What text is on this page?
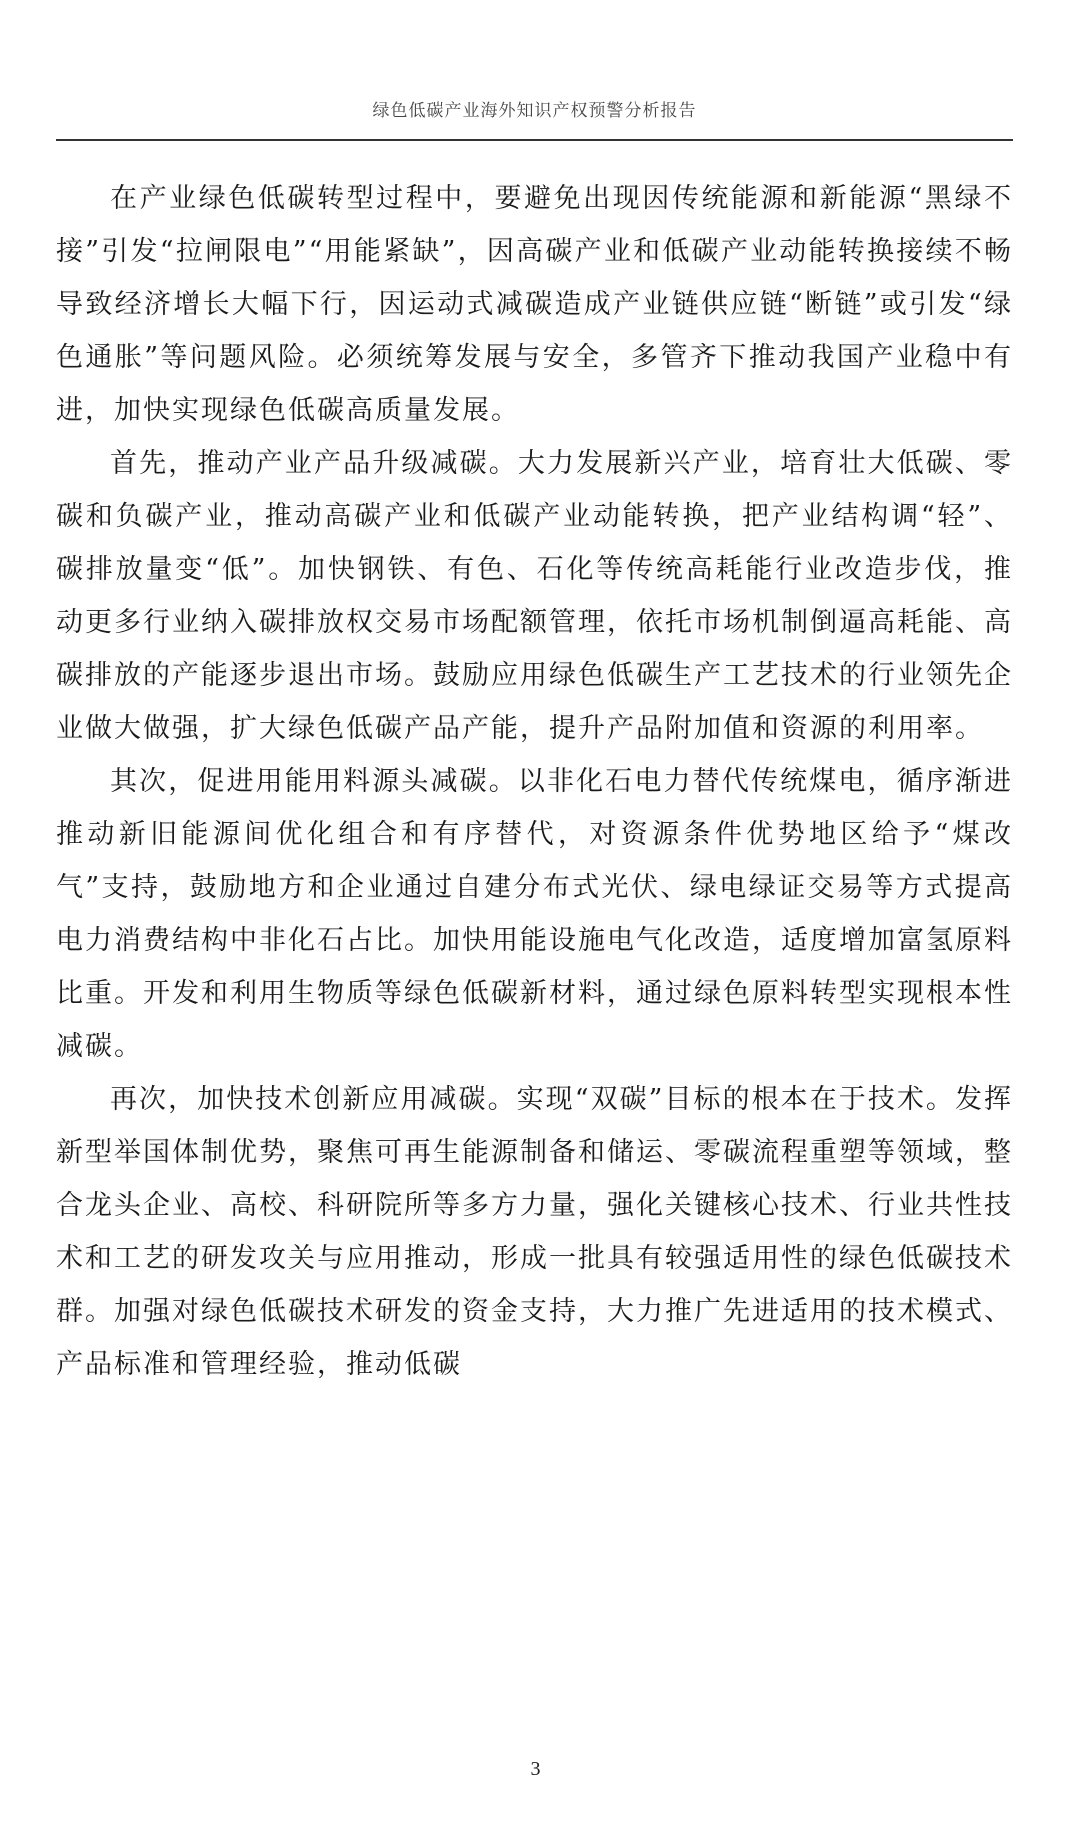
绿色低碳产业海外知识产权预警分析报告

在产业绿色低碳转型过程中，要避免出现因传统能源和新能源“黑绿不接”引发“拉闸限电”“用能紧缺”，因高碳产业和低碳产业动能转换接续不畅导致经济增长大幅下行，因运动式减碳造成产业链供应链“断链”或引发“绿色通胀”等问题风险。必须统筹发展与安全，多管齐下推动我国产业稳中有进，加快实现绿色低碳高质量发展。

首先，推动产业产品升级减碳。大力发展新兴产业，培育壮大低碳、零碳和负碳产业，推动高碳产业和低碳产业动能转换，把产业结构调“轻”、碳排放量变“低”。加快钢铁、有色、石化等传统高耗能行业改造步伐，推动更多行业纳入碳排放权交易市场配额管理，依托市场机制倒逼高耗能、高碳排放的产能逐步退出市场。鼓励应用绿色低碳生产工艺技术的行业领先企业做大做强，扩大绿色低碳产品产能，提升产品附加值和资源的利用率。

其次，促进用能用料源头减碳。以非化石电力替代传统煤电，循序渐进推动新旧能源间优化组合和有序替代，对资源条件优势地区给予“煤改气”支持，鼓励地方和企业通过自建分布式光伏、绿电绿证交易等方式提高电力消费结构中非化石占比。加快用能设施电气化改造，适度增加富氢原料比重。开发和利用生物质等绿色低碳新材料，通过绿色原料转型实现根本性减碳。

再次，加快技术创新应用减碳。实现“双碳”目标的根本在于技术。发挥新型举国体制优势，聚焦可再生能源制备和储运、零碳流程重塑等领域，整合龙头企业、高校、科研院所等多方力量，强化关键核心技术、行业共性技术和工艺的研发攻关与应用推动，形成一批具有较强适用性的绿色低碳技术群。加强对绿色低碳技术研发的资金支持，大力推广先进适用的技术模式、产品标准和管理经验，推动低碳

3
